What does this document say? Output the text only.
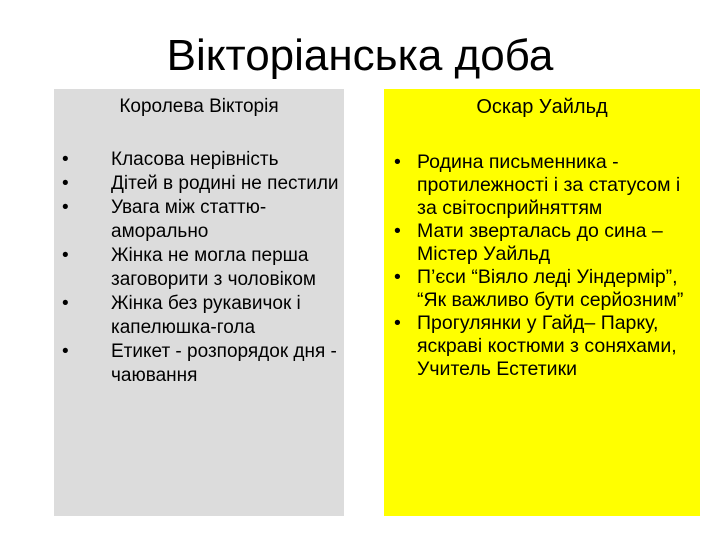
Вікторіанська доба
Королева Вікторія
• Класова нерівність
• Дітей в родині не пестили
• Увага між статтю- аморально
• Жінка не могла перша заговорити з чоловіком
• Жінка без рукавичок і капелюшка-гола
• Етикет - розпорядок дня - чаювання
Оскар Уайльд
• Родина письменника - протилежності і за статусом і за світосприйняттям
• Мати зверталась до сина – Містер Уайльд
• П’єси “Віяло леді Уіндермір”, “Як важливо бути серйозним”
• Прогулянки у Гайд– Парку, яскраві костюми з соняхами, Учитель Естетики
